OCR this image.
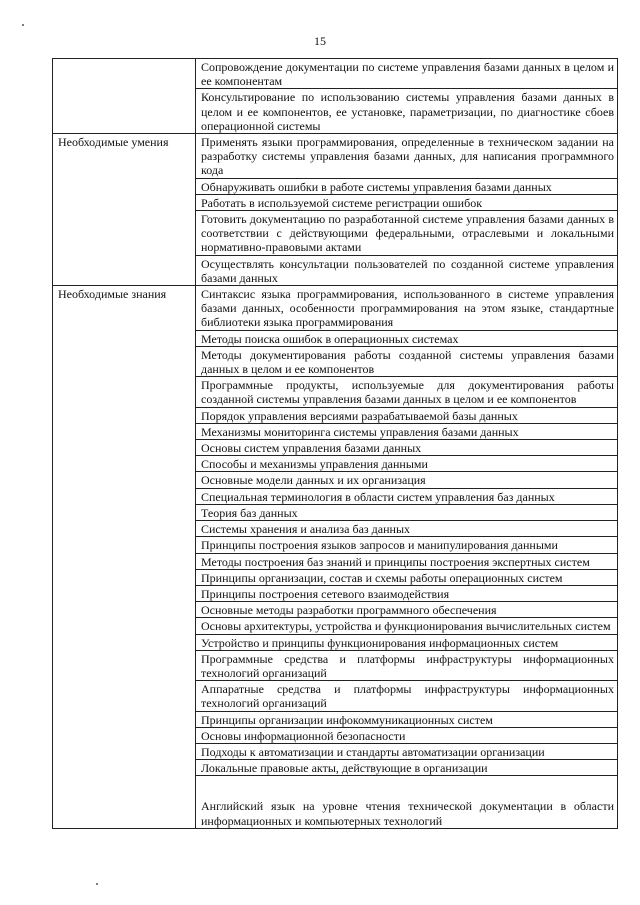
15

	Сопровождение документации по системе управления базами данных в целом и ее компонентам

	Консультирование по использованию системы управления базами данных в целом и ее компонентов, ее установке, параметризации, по диагностике сбоев операционной системы

Необходимые умения	Применять языки программирования, определенные в техническом задании на разработку системы управления базами данных, для написания программного кода

	Обнаруживать ошибки в работе системы управления базами данных

	Работать в используемой системе регистрации ошибок

	Готовить документацию по разработанной системе управления базами данных в соответствии с действующими федеральными, отраслевыми и локальными нормативно-правовыми актами

	Осуществлять консультации пользователей по созданной системе управления базами данных

Необходимые знания	Синтаксис языка программирования, использованного в системе управления базами данных, особенности программирования на этом языке, стандартные библиотеки языка программирования

	Методы поиска ошибок в операционных системах

	Методы документирования работы созданной системы управления базами данных в целом и ее компонентов

	Программные продукты, используемые для документирования работы созданной системы управления базами данных в целом и ее компонентов

	Порядок управления версиями разрабатываемой базы данных

	Механизмы мониторинга системы управления базами данных

	Основы систем управления базами данных

	Способы и механизмы управления данными

	Основные модели данных и их организация

	Специальная терминология в области систем управления баз данных

	Теория баз данных

	Системы хранения и анализа баз данных

	Принципы построения языков запросов и манипулирования данными

	Методы построения баз знаний и принципы построения экспертных систем

	Принципы организации, состав и схемы работы операционных систем

	Принципы построения сетевого взаимодействия

	Основные методы разработки программного обеспечения

	Основы архитектуры, устройства и функционирования вычислительных систем

	Устройство и принципы функционирования информационных систем

	Программные средства и платформы инфраструктуры информационных технологий организаций

	Аппаратные средства и платформы инфраструктуры информационных технологий организаций

	Принципы организации инфокоммуникационных систем

	Основы информационной безопасности

	Подходы к автоматизации и стандарты автоматизации организации

	Локальные правовые акты, действующие в организации

	Английский язык на уровне чтения технической документации в области информационных и компьютерных технологий
